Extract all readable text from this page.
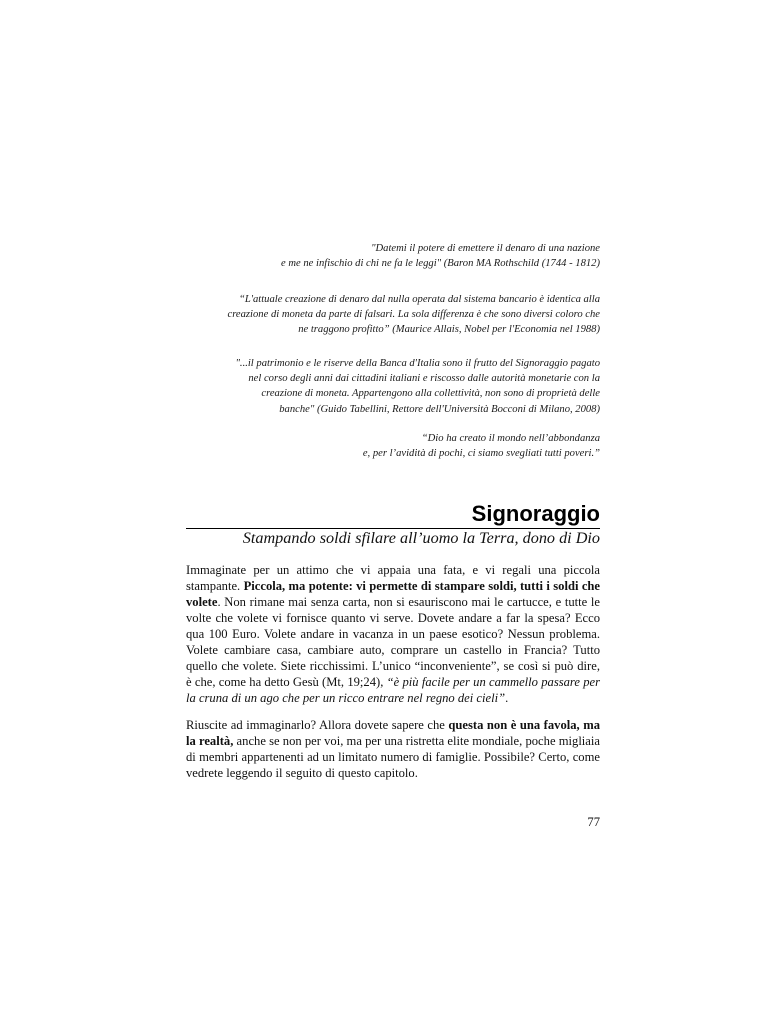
"Datemi il potere di emettere il denaro di una nazione
e me ne infischio di chi ne fa le leggi" (Baron MA Rothschild (1744 - 1812)
“L'attuale creazione di denaro dal nulla operata dal sistema bancario è identica alla
creazione di moneta da parte di falsari. La sola differenza è che sono diversi coloro che
ne traggono profitto” (Maurice Allais, Nobel per l'Economia nel 1988)
"...il patrimonio e le riserve della Banca d'Italia sono il frutto del Signoraggio pagato
nel corso degli anni dai cittadini italiani e riscosso dalle autorità monetarie con la
creazione di moneta. Appartengono alla collettività, non sono di proprietà delle
banche" (Guido Tabellini, Rettore dell'Università Bocconi di Milano, 2008)
“Dio ha creato il mondo nell’abbondanza
e, per l’avidità di pochi, ci siamo svegliati tutti poveri.”
Signoraggio
Stampando soldi sfilare all’uomo la Terra, dono di Dio
Immaginate per un attimo che vi appaia una fata, e vi regali una piccola stampante. Piccola, ma potente: vi permette di stampare soldi, tutti i soldi che volete. Non rimane mai senza carta, non si esauriscono mai le cartucce, e tutte le volte che volete vi fornisce quanto vi serve. Dovete andare a far la spesa? Ecco qua 100 Euro. Volete andare in vacanza in un paese esotico? Nessun problema. Volete cambiare casa, cambiare auto, comprare un castello in Francia? Tutto quello che volete. Siete ricchissimi. L’unico “inconveniente”, se così si può dire, è che, come ha detto Gesù (Mt, 19;24), “è più facile per un cammello passare per la cruna di un ago che per un ricco entrare nel regno dei cieli”.
Riuscite ad immaginarlo? Allora dovete sapere che questa non è una favola, ma la realtà, anche se non per voi, ma per una ristretta elite mondiale, poche migliaia di membri appartenenti ad un limitato numero di famiglie. Possibile? Certo, come vedrete leggendo il seguito di questo capitolo.
77
